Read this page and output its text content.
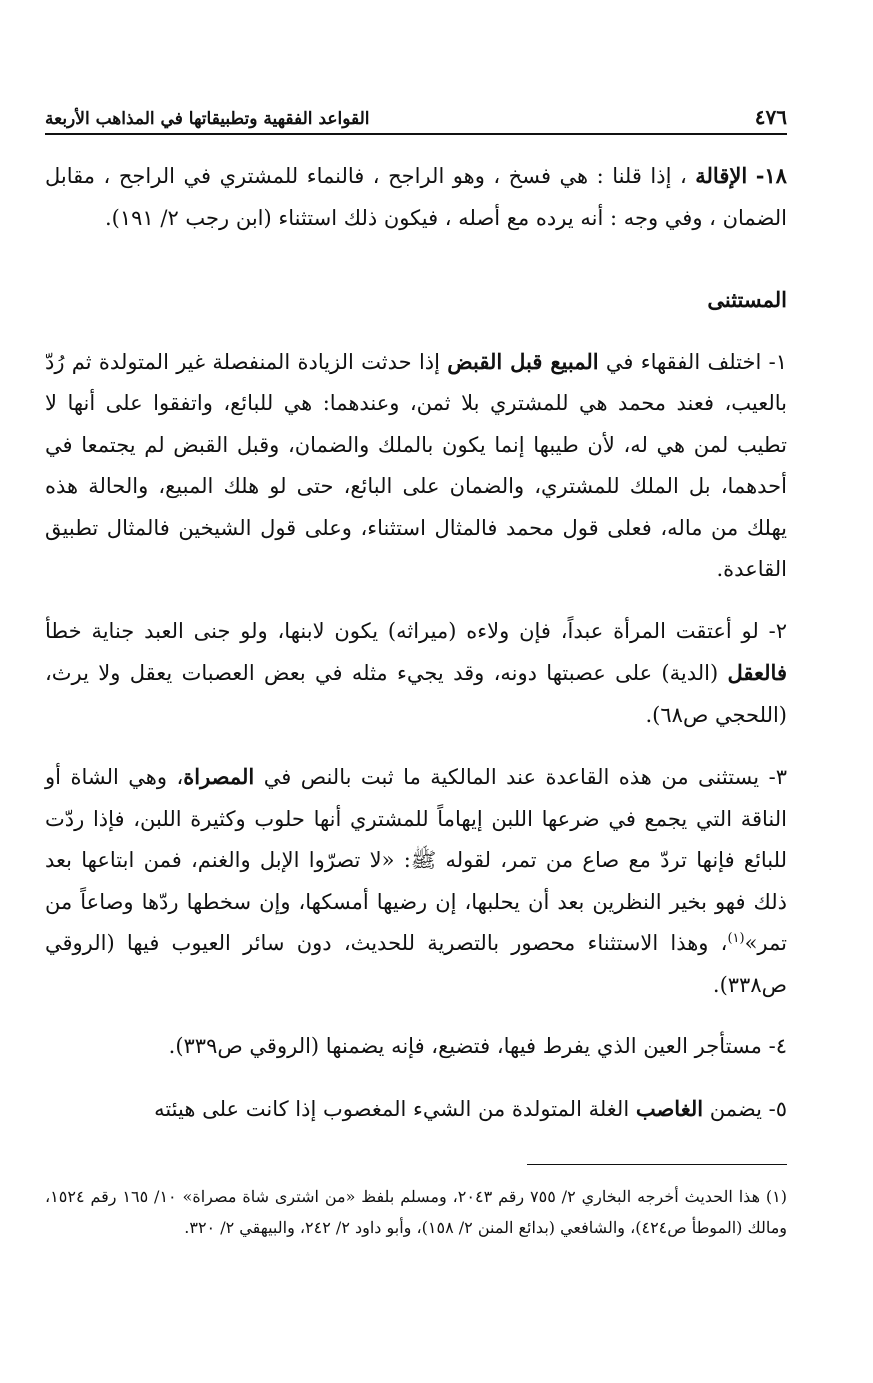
٤٧٦
القواعد الفقهية وتطبيقاتها في المذاهب الأربعة

١٨- الإقالة ، إذا قلنا : هي فسخ ، وهو الراجح ، فالنماء للمشتري في الراجح ، مقابل الضمان ، وفي وجه : أنه يرده مع أصله ، فيكون ذلك استثناء (ابن رجب ٢/ ١٩١).

المستثنى

١- اختلف الفقهاء في المبيع قبل القبض إذا حدثت الزيادة المنفصلة غير المتولدة ثم رُدّ بالعيب، فعند محمد هي للمشتري بلا ثمن، وعندهما: هي للبائع، واتفقوا على أنها لا تطيب لمن هي له، لأن طيبها إنما يكون بالملك والضمان، وقبل القبض لم يجتمعا في أحدهما، بل الملك للمشتري، والضمان على البائع، حتى لو هلك المبيع، والحالة هذه يهلك من ماله، فعلى قول محمد فالمثال استثناء، وعلى قول الشيخين فالمثال تطبيق القاعدة.

٢- لو أعتقت المرأة عبداً، فإن ولاءه (ميراثه) يكون لابنها، ولو جنى العبد جناية خطأ فالعقل (الدية) على عصبتها دونه، وقد يجيء مثله في بعض العصبات يعقل ولا يرث، (اللحجي ص٦٨).

٣- يستثنى من هذه القاعدة عند المالكية ما ثبت بالنص في المصراة، وهي الشاة أو الناقة التي يجمع في ضرعها اللبن إيهاماً للمشتري أنها حلوب وكثيرة اللبن، فإذا ردّت للبائع فإنها تردّ مع صاع من تمر، لقوله ﷺ: «لا تصرّوا الإبل والغنم، فمن ابتاعها بعد ذلك فهو بخير النظرين بعد أن يحلبها، إن رضيها أمسكها، وإن سخطها ردّها وصاعاً من تمر»$^{(١)}$، وهذا الاستثناء محصور بالتصرية للحديث، دون سائر العيوب فيها (الروقي ص٣٣٨).

٤- مستأجر العين الذي يفرط فيها، فتضيع، فإنه يضمنها (الروقي ص٣٣٩).

٥- يضمن الغاصب الغلة المتولدة من الشيء المغصوب إذا كانت على هيئته

(١) هذا الحديث أخرجه البخاري ٢/ ٧٥٥ رقم ٢٠٤٣، ومسلم بلفظ «من اشترى شاة مصراة» ١٠/ ١٦٥ رقم ١٥٢٤، ومالك (الموطأ ص٤٢٤)، والشافعي (بدائع المنن ٢/ ١٥٨)، وأبو داود ٢/ ٢٤٢، والبيهقي ٢/ ٣٢٠.
